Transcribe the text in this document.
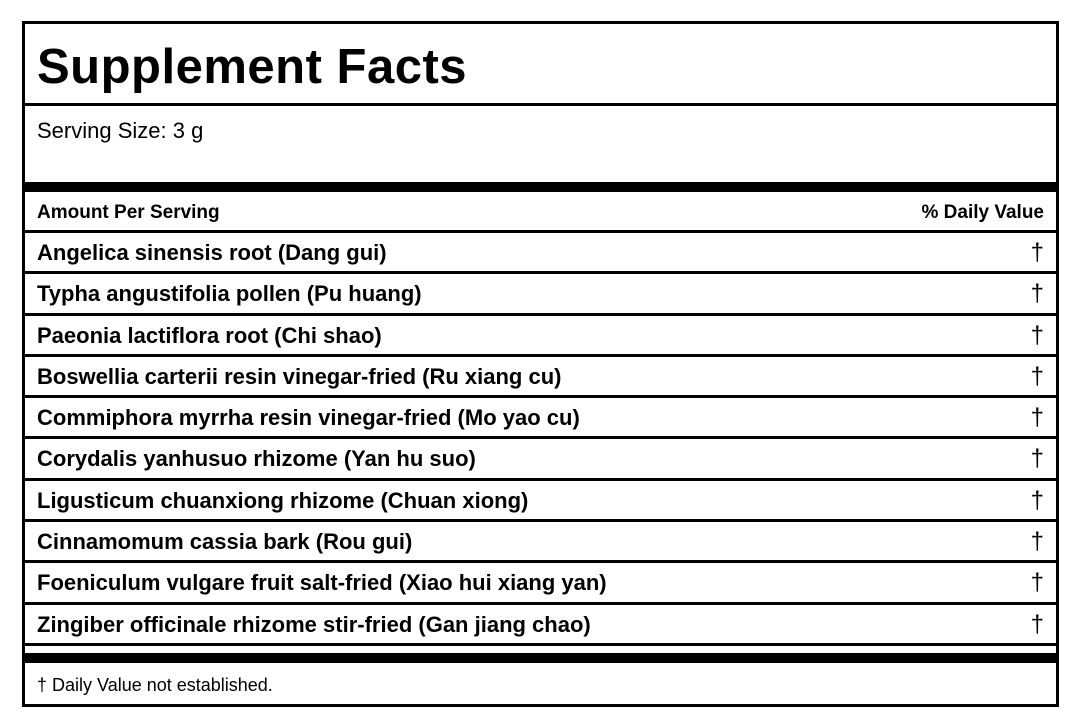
Supplement Facts
Serving Size: 3 g
Amount Per Serving	% Daily Value
Angelica sinensis root (Dang gui)	†
Typha angustifolia pollen (Pu huang)	†
Paeonia lactiflora root (Chi shao)	†
Boswellia carterii resin vinegar-fried (Ru xiang cu)	†
Commiphora myrrha resin vinegar-fried (Mo yao cu)	†
Corydalis yanhusuo rhizome (Yan hu suo)	†
Ligusticum chuanxiong rhizome (Chuan xiong)	†
Cinnamomum cassia bark (Rou gui)	†
Foeniculum vulgare fruit salt-fried (Xiao hui xiang yan)	†
Zingiber officinale rhizome stir-fried (Gan jiang chao)	†
† Daily Value not established.
